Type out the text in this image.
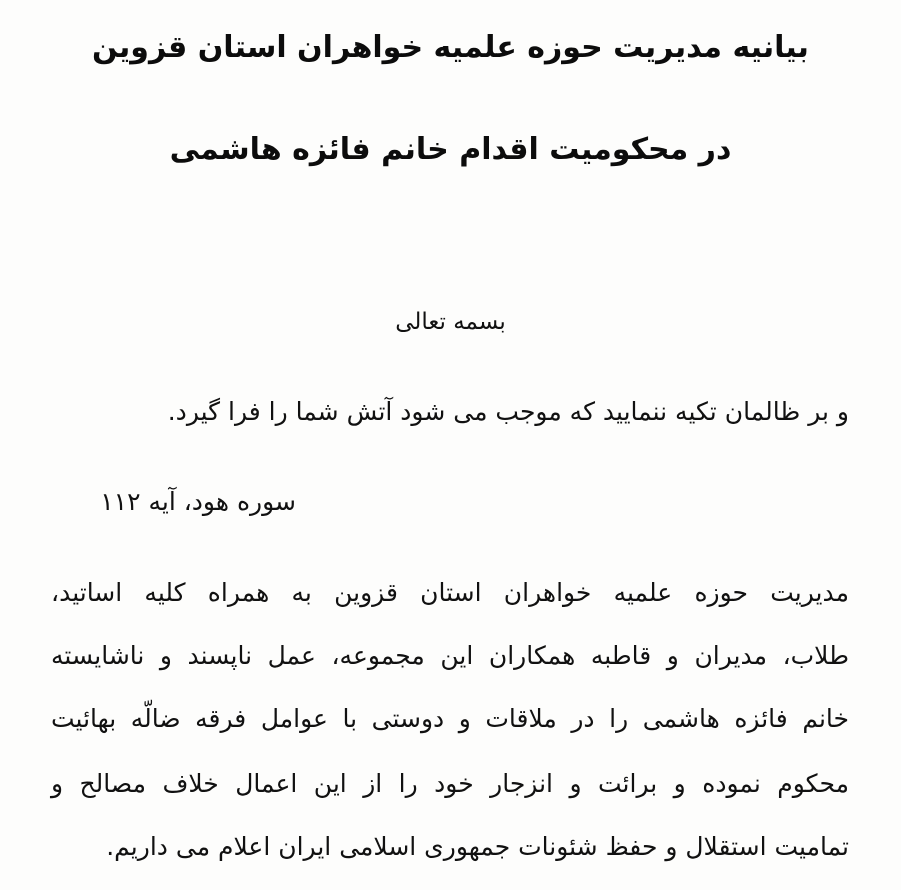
بیانیه مدیریت حوزه علمیه خواهران استان قزوین
در محکومیت اقدام خانم فائزه هاشمی
بسمه تعالی
و بر ظالمان تکیه ننمایید که موجب می شود آتش شما را فرا گیرد.
سوره هود، آیه ۱۱۲
مدیریت حوزه علمیه خواهران استان قزوین به همراه کلیه اساتید،
طلاب، مدیران و قاطبه همکاران این مجموعه، عمل ناپسند و ناشایسته
خانم فائزه هاشمی را در ملاقات و دوستی با عوامل فرقه ضالّه بهائیت
محکوم نموده و برائت و انزجار خود را از این اعمال خلاف مصالح و
تمامیت استقلال و حفظ شئونات جمهوری اسلامی ایران اعلام می داریم.
